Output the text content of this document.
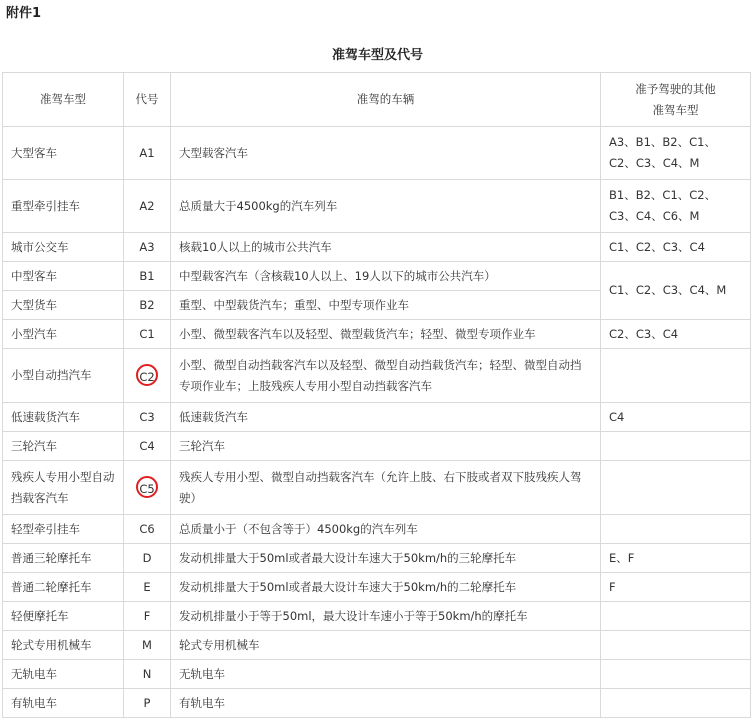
附件1
准驾车型及代号
准驾车型	代号	准驾的车辆	准予驾驶的其他
准驾车型
大型客车	A1	大型载客汽车	A3、B1、B2、C1、C2、C3、C4、M
重型牵引挂车	A2	总质量大于4500kg的汽车列车	B1、B2、C1、C2、C3、C4、C6、M
城市公交车	A3	核载10人以上的城市公共汽车	C1、C2、C3、C4
中型客车	B1	中型载客汽车（含核载10人以上、19人以下的城市公共汽车）	C1、C2、C3、C4、M
大型货车	B2	重型、中型载货汽车；重型、中型专项作业车	
小型汽车	C1	小型、微型载客汽车以及轻型、微型载货汽车；轻型、微型专项作业车	C2、C3、C4
小型自动挡汽车	C2	小型、微型自动挡载客汽车以及轻型、微型自动挡载货汽车；轻型、微型自动挡专项作业车；上肢残疾人专用小型自动挡载客汽车	
低速载货汽车	C3	低速载货汽车	C4
三轮汽车	C4	三轮汽车	
残疾人专用小型自动挡载客汽车	C5	残疾人专用小型、微型自动挡载客汽车（允许上肢、右下肢或者双下肢残疾人驾驶）	
轻型牵引挂车	C6	总质量小于（不包含等于）4500kg的汽车列车	
普通三轮摩托车	D	发动机排量大于50ml或者最大设计车速大于50km/h的三轮摩托车	E、F
普通二轮摩托车	E	发动机排量大于50ml或者最大设计车速大于50km/h的二轮摩托车	F
轻便摩托车	F	发动机排量小于等于50ml，最大设计车速小于等于50km/h的摩托车	
轮式专用机械车	M	轮式专用机械车	
无轨电车	N	无轨电车	
有轨电车	P	有轨电车	
